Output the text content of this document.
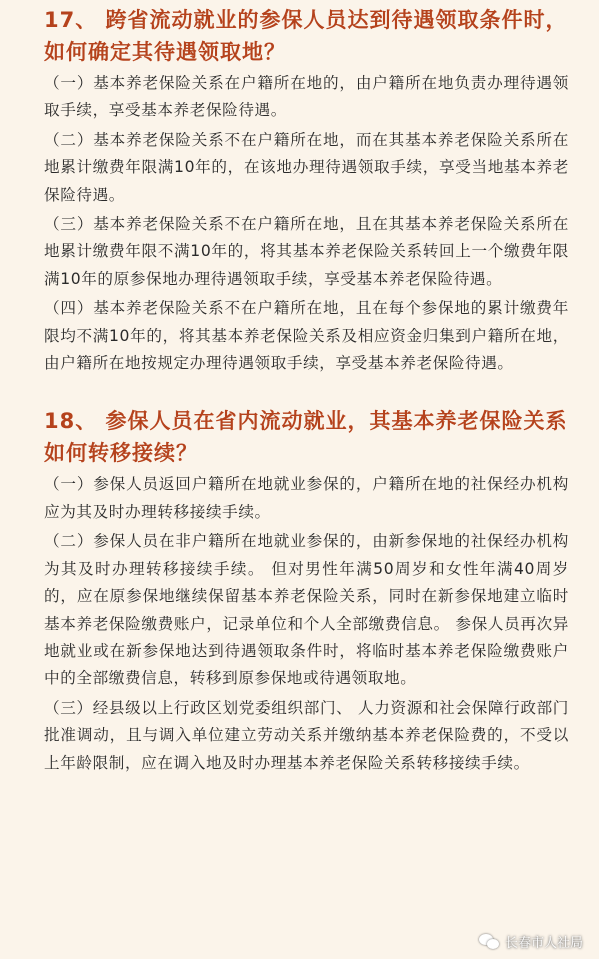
17、 跨省流动就业的参保人员达到待遇领取条件时，如何确定其待遇领取地？

（一）基本养老保险关系在户籍所在地的，由户籍所在地负责办理待遇领取手续，享受基本养老保险待遇。

（二）基本养老保险关系不在户籍所在地，而在其基本养老保险关系所在地累计缴费年限满10年的，在该地办理待遇领取手续，享受当地基本养老保险待遇。

（三）基本养老保险关系不在户籍所在地，且在其基本养老保险关系所在地累计缴费年限不满10年的，将其基本养老保险关系转回上一个缴费年限满10年的原参保地办理待遇领取手续，享受基本养老保险待遇。

（四）基本养老保险关系不在户籍所在地，且在每个参保地的累计缴费年限均不满10年的，将其基本养老保险关系及相应资金归集到户籍所在地，由户籍所在地按规定办理待遇领取手续，享受基本养老保险待遇。

18、 参保人员在省内流动就业，其基本养老保险关系如何转移接续？

（一）参保人员返回户籍所在地就业参保的，户籍所在地的社保经办机构应为其及时办理转移接续手续。

（二）参保人员在非户籍所在地就业参保的，由新参保地的社保经办机构为其及时办理转移接续手续。 但对男性年满50周岁和女性年满40周岁的，应在原参保地继续保留基本养老保险关系，同时在新参保地建立临时基本养老保险缴费账户，记录单位和个人全部缴费信息。 参保人员再次异地就业或在新参保地达到待遇领取条件时，将临时基本养老保险缴费账户中的全部缴费信息，转移到原参保地或待遇领取地。

（三）经县级以上行政区划党委组织部门、 人力资源和社会保障行政部门批准调动，且与调入单位建立劳动关系并缴纳基本养老保险费的，不受以上年龄限制，应在调入地及时办理基本养老保险关系转移接续手续。

长春市人社局
